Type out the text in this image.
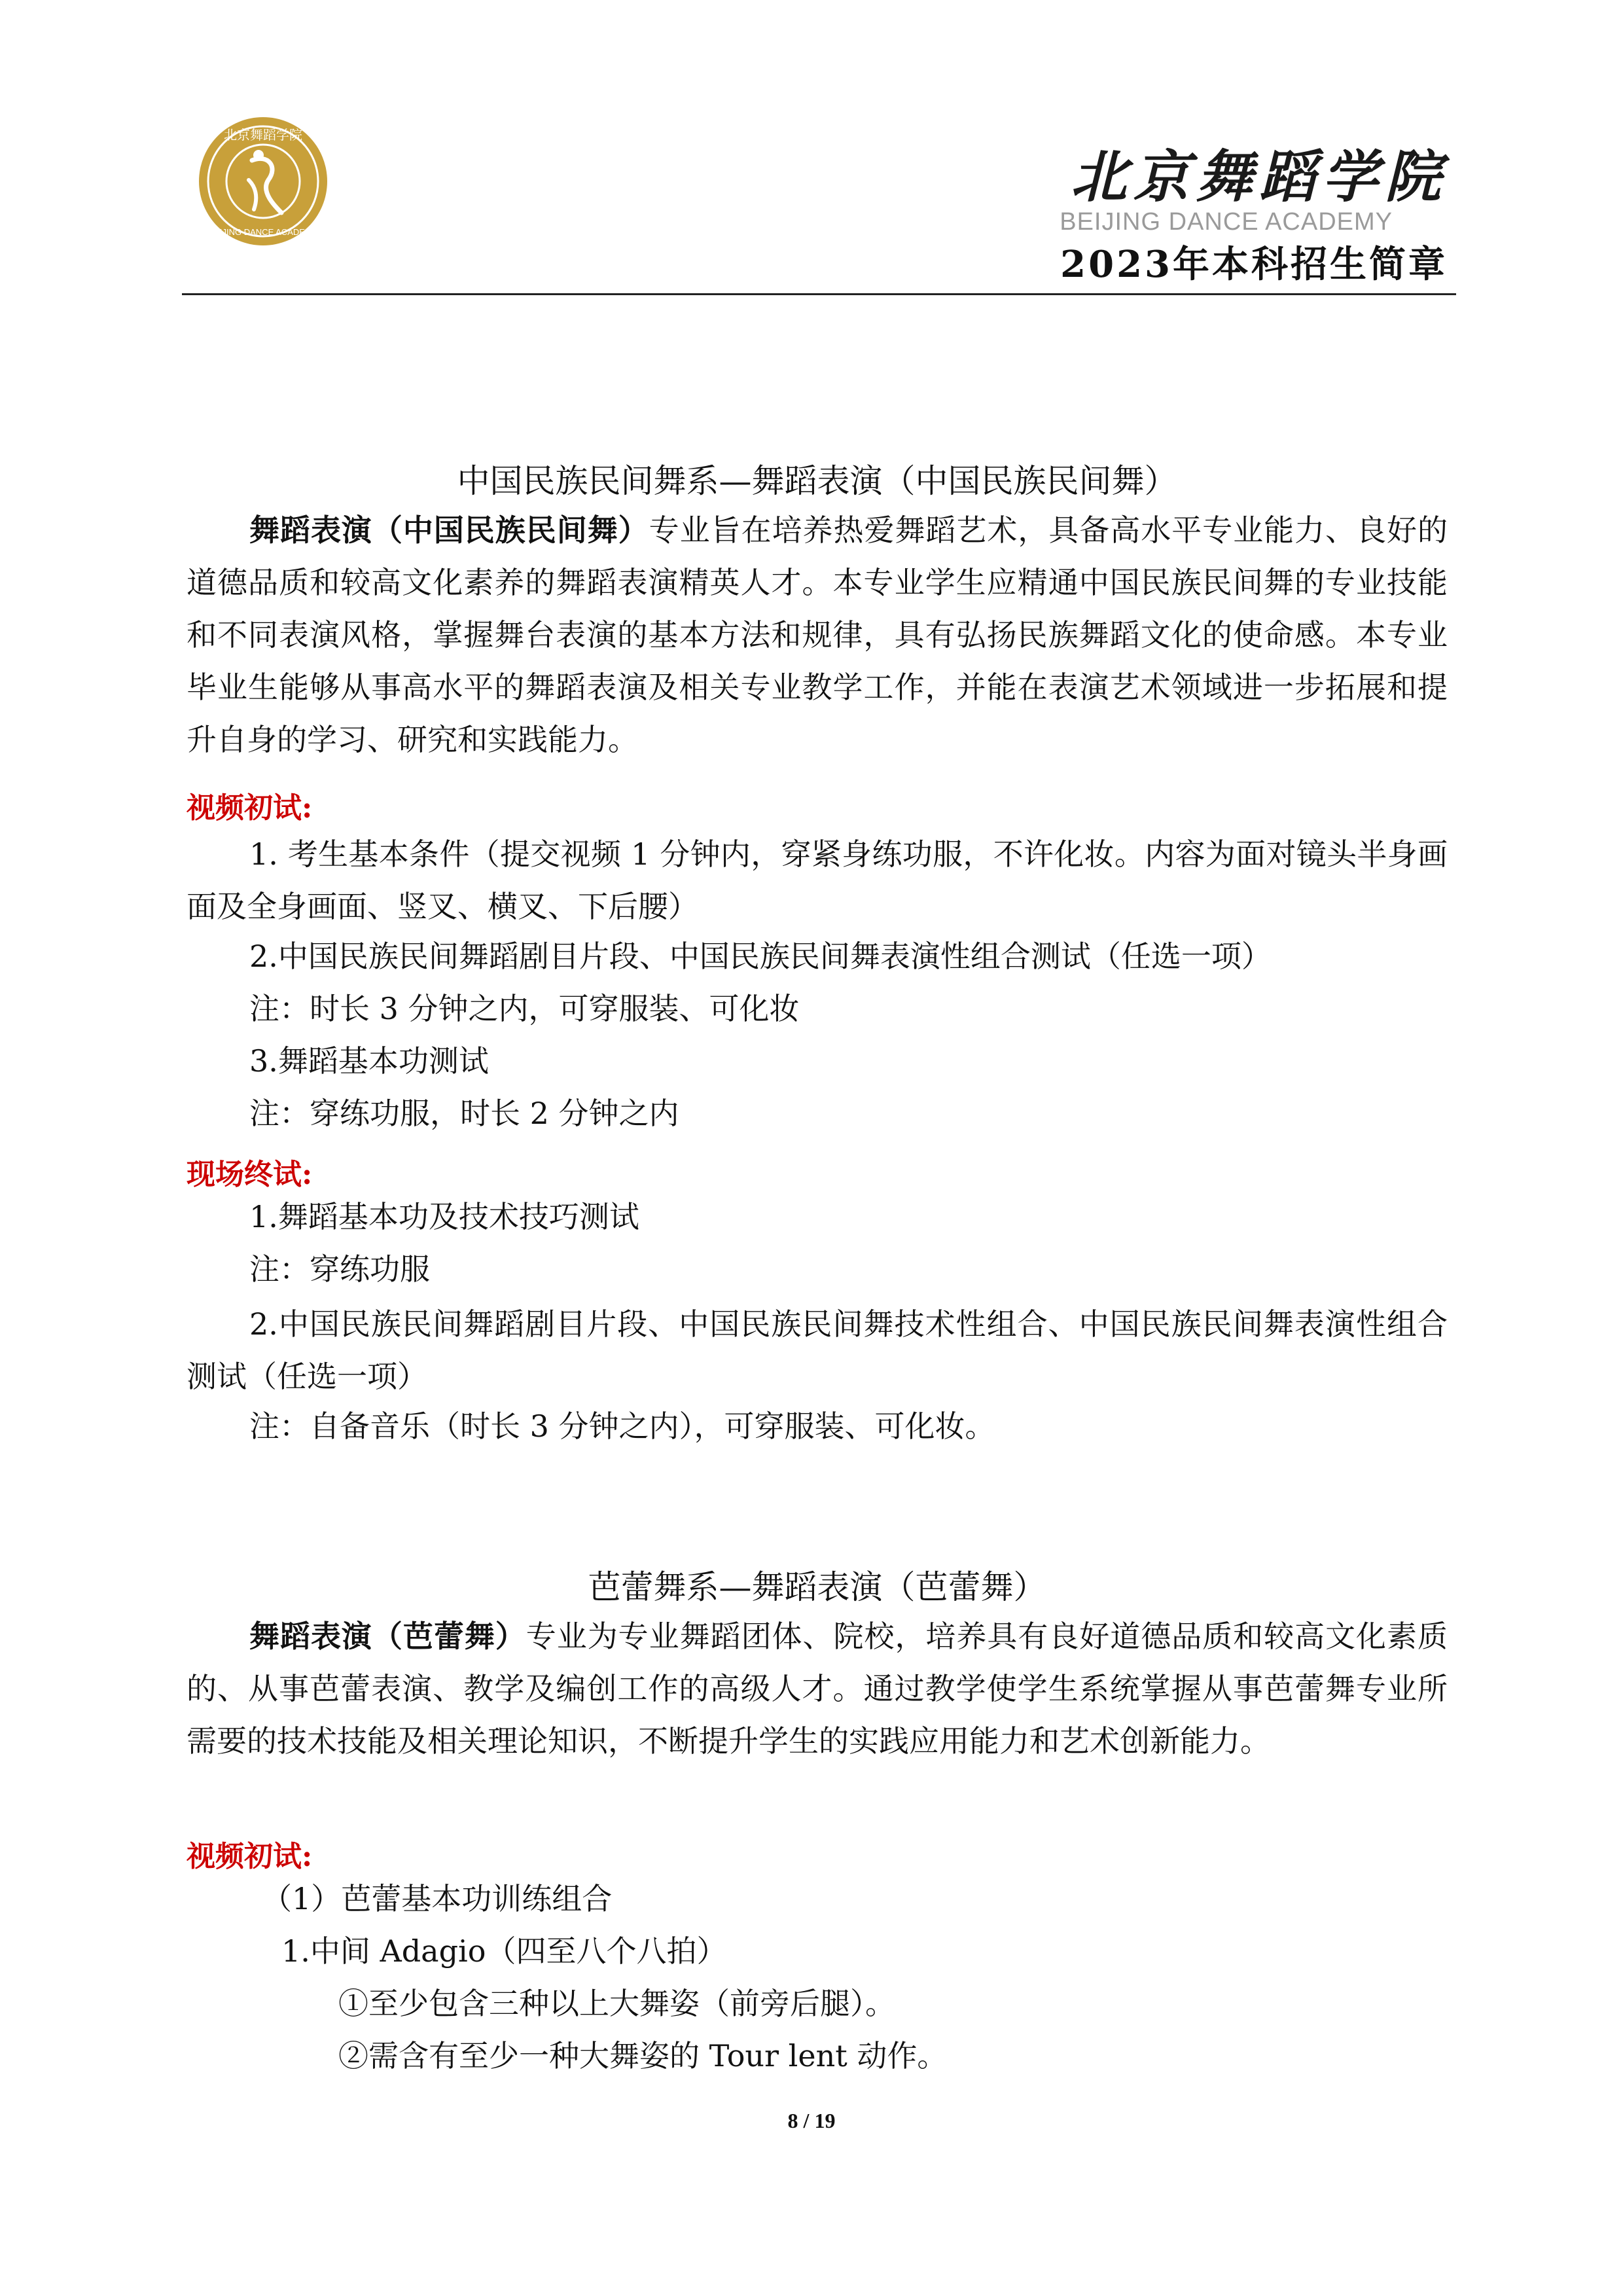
北京舞蹈学院
BEIJING DANCE ACADEMY
北京舞蹈学院
BEIJING DANCE ACADEMY
2023年本科招生简章
中国民族民间舞系—舞蹈表演（中国民族民间舞）
舞蹈表演（中国民族民间舞）专业旨在培养热爱舞蹈艺术，具备高水平专业能力、良好的道德品质和较高文化素养的舞蹈表演精英人才。本专业学生应精通中国民族民间舞的专业技能和不同表演风格，掌握舞台表演的基本方法和规律，具有弘扬民族舞蹈文化的使命感。本专业毕业生能够从事高水平的舞蹈表演及相关专业教学工作，并能在表演艺术领域进一步拓展和提升自身的学习、研究和实践能力。
视频初试:
1. 考生基本条件（提交视频 1 分钟内，穿紧身练功服，不许化妆。内容为面对镜头半身画面及全身画面、竖叉、横叉、下后腰）
2.中国民族民间舞蹈剧目片段、中国民族民间舞表演性组合测试（任选一项）
注：时长 3 分钟之内，可穿服装、可化妆
3.舞蹈基本功测试
注：穿练功服，时长 2 分钟之内
现场终试:
1.舞蹈基本功及技术技巧测试
注：穿练功服
2.中国民族民间舞蹈剧目片段、中国民族民间舞技术性组合、中国民族民间舞表演性组合测试（任选一项）
注：自备音乐（时长 3 分钟之内），可穿服装、可化妆。
芭蕾舞系—舞蹈表演（芭蕾舞）
舞蹈表演（芭蕾舞）专业为专业舞蹈团体、院校，培养具有良好道德品质和较高文化素质的、从事芭蕾表演、教学及编创工作的高级人才。通过教学使学生系统掌握从事芭蕾舞专业所需要的技术技能及相关理论知识，不断提升学生的实践应用能力和艺术创新能力。
视频初试:
（1）芭蕾基本功训练组合
1.中间 Adagio（四至八个八拍）
①至少包含三种以上大舞姿（前旁后腿）。
②需含有至少一种大舞姿的 Tour lent 动作。
8 / 19
